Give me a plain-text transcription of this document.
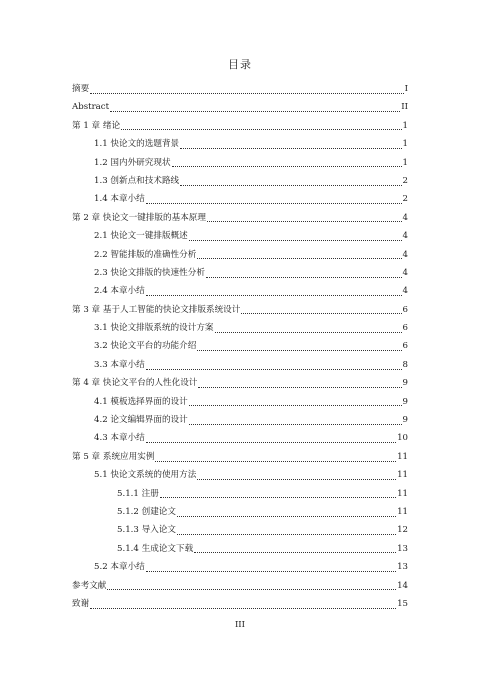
目录
摘要	I
Abstract	II
第 1 章 绪论	1
1.1 快论文的选题背景	1
1.2 国内外研究现状	1
1.3 创新点和技术路线	2
1.4 本章小结	2
第 2 章 快论文一键排版的基本原理	4
2.1 快论文一键排版概述	4
2.2 智能排版的准确性分析	4
2.3 快论文排版的快速性分析	4
2.4 本章小结	4
第 3 章 基于人工智能的快论文排版系统设计	6
3.1 快论文排版系统的设计方案	6
3.2 快论文平台的功能介绍	6
3.3 本章小结	8
第 4 章 快论文平台的人性化设计	9
4.1 模板选择界面的设计	9
4.2 论文编辑界面的设计	9
4.3 本章小结	10
第 5 章 系统应用实例	11
5.1 快论文系统的使用方法	11
5.1.1 注册	11
5.1.2 创建论文	11
5.1.3 导入论文	12
5.1.4 生成论文下载	13
5.2 本章小结	13
参考文献	14
致谢	15
III
